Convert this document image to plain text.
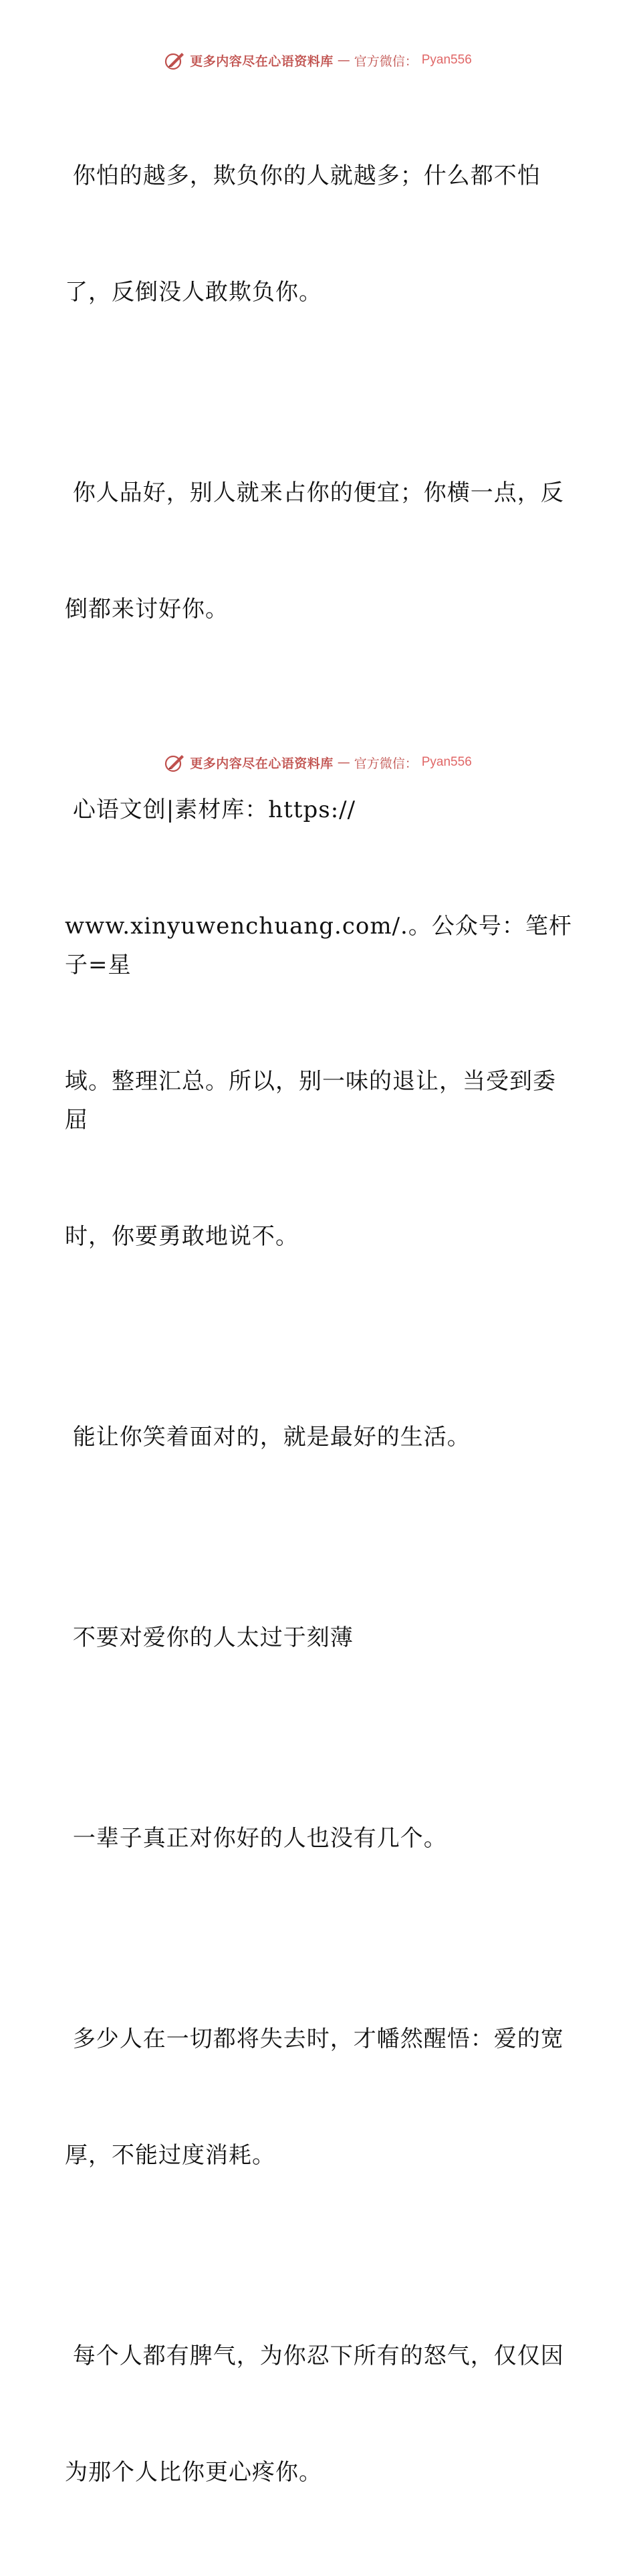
更多内容尽在心语资料库 — 官方微信： Pyan556

你怕的越多，欺负你的人就越多；什么都不怕

了，反倒没人敢欺负你。

你人品好，别人就来占你的便宜；你横一点，反

倒都来讨好你。

心语文创|素材库：https://

www.xinyuwenchuang.com/.。公众号：笔杆子=星

域。整理汇总。所以，别一味的退让，当受到委屈

时，你要勇敢地说不。

能让你笑着面对的，就是最好的生活。

不要对爱你的人太过于刻薄

一辈子真正对你好的人也没有几个。

多少人在一切都将失去时，才幡然醒悟：爱的宽

厚，不能过度消耗。

每个人都有脾气，为你忍下所有的怒气，仅仅因

为那个人比你更心疼你。

更多内容尽在心语资料库 — 官方微信： Pyan556
